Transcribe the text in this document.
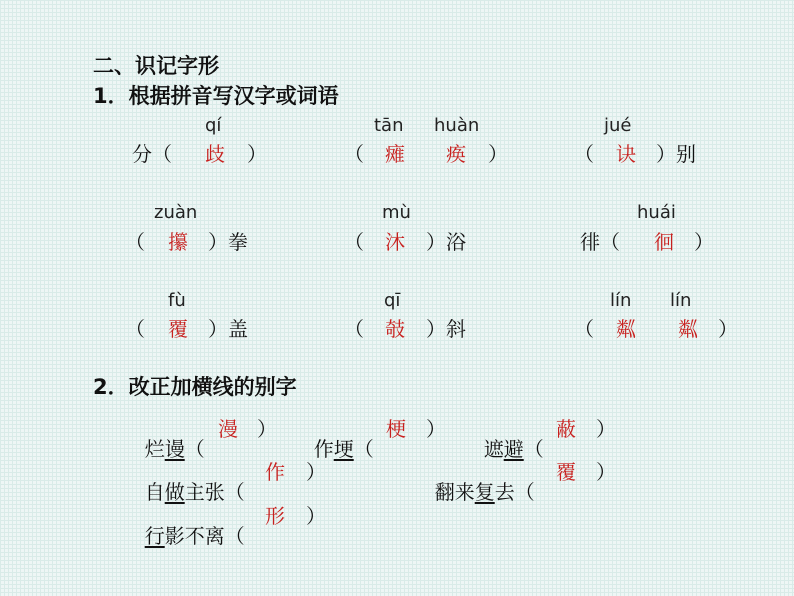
二、识记字形
1．根据拼音写汉字或词语
qí
分（ 歧 ）
tān huàn
（ 瘫 痪 ）
jué
（ 诀 ）别
zuàn
（ 攥 ）拳
mù
（ 沐 ）浴
huái
徘（ 徊 ）
fù
（ 覆 ）盖
qī
（ 攲 ）斜
lín lín
（ 粼 粼 ）
2．改正加横线的别字

烂谩（

漫 ）

作埂（

梗 ）

遮避（

蔽 ）

自做主张（

作 ）

翻来复去（

覆 ）

行影不离（

形 ）
